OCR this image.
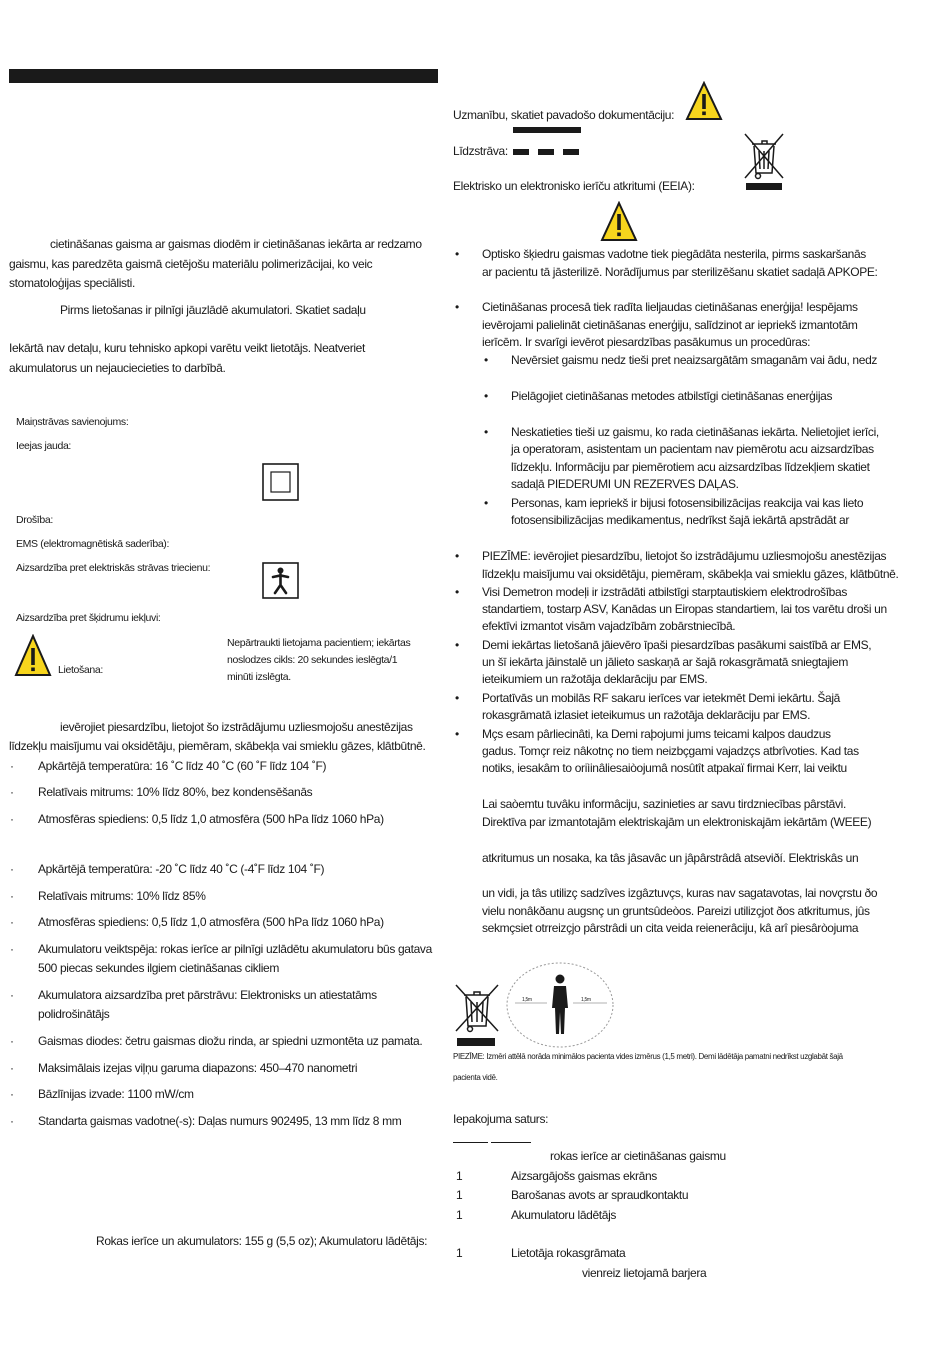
cietināšanas gaisma ar gaismas diodēm ir cietināšanas iekārta ar redzamo
gaismu, kas paredzēta gaismā cietējošu materiālu polimerizācijai, ko veic
stomatoloģijas speciālisti.
Pirms lietošanas ir pilnīgi jāuzlādē akumulatori. Skatiet sadaļu
Iekārtā nav detaļu, kuru tehnisko apkopi varētu veikt lietotājs. Neatveriet
akumulatorus un nejauciecieties to darbībā.
Maiņstrāvas savienojums:
Ieejas jauda:
Drošība:
EMS (elektromagnētiskā saderība):
Aizsardzība pret elektriskās strāvas triecienu:
Aizsardzība pret šķidrumu iekļuvi:
Lietošana:
Nepārtraukti lietojama pacientiem; iekārtas
noslodzes cikls: 20 sekundes ieslēgta/1
minūti izslēgta.
ievērojiet piesardzību, lietojot šo izstrādājumu uzliesmojošu anestēzijas
līdzekļu maisījumu vai oksidētāju, piemēram, skābekļa vai smieklu gāzes, klātbūtnē.
· Apkārtējā temperatūra: 16 ˚C līdz 40 ˚C (60 ˚F līdz 104 ˚F)
· Relatīvais mitrums: 10% līdz 80%, bez kondensēšanās
· Atmosfēras spiediens: 0,5 līdz 1,0 atmosfēra (500 hPa līdz 1060 hPa)
· Apkārtējā temperatūra: -20 ˚C līdz 40 ˚C (-4˚F līdz 104 ˚F)
· Relatīvais mitrums: 10% līdz 85%
· Atmosfēras spiediens: 0,5 līdz 1,0 atmosfēra (500 hPa līdz 1060 hPa)
· Akumulatoru veiktspēja: rokas ierīce ar pilnīgi uzlādētu akumulatoru būs gatava
500 piecas sekundes ilgiem cietināšanas cikliem
· Akumulatora aizsardzība pret pārstrāvu: Elektronisks un atiestatāms
polidrošinātājs
· Gaismas diodes: četru gaismas diožu rinda, ar spiedni uzmontēta uz pamata.
· Maksimālais izejas viļņu garuma diapazons: 450–470 nanometri
· Bāzlīnijas izvade: 1100 mW/cm
· Standarta gaismas vadotne(-s): Daļas numurs 902495, 13 mm līdz 8 mm
Rokas ierīce un akumulators: 155 g (5,5 oz); Akumulatoru lādētājs:
Uzmanību, skatiet pavadošo dokumentāciju:
Līdzstrāva:
Elektrisko un elektronisko ierīču atkritumi (EEIA):
• Optisko šķiedru gaismas vadotne tiek piegādāta nesterila, pirms saskaršanās
ar pacientu tā jāsterilizē. Norādījumus par sterilizēšanu skatiet sadaļā APKOPE:
• Cietināšanas procesā tiek radīta lieljaudas cietināšanas enerģija! Iespējams
ievērojami palielināt cietināšanas enerģiju, salīdzinot ar iepriekš izmantotām
ierīcēm. Ir svarīgi ievērot piesardzības pasākumus un procedūras:
• Nevērsiet gaismu nedz tieši pret neaizsargātām smaganām vai ādu, nedz
• Pielāgojiet cietināšanas metodes atbilstīgi cietināšanas enerģijas
• Neskatieties tieši uz gaismu, ko rada cietināšanas iekārta. Nelietojiet ierīci,
ja operatoram, asistentam un pacientam nav piemērotu acu aizsardzības
līdzekļu. Informāciju par piemērotiem acu aizsardzības līdzekļiem skatiet
sadaļā PIEDERUMI UN REZERVES DAĻAS.
• Personas, kam iepriekš ir bijusi fotosensibilizācijas reakcija vai kas lieto
fotosensibilizācijas medikamentus, nedrīkst šajā iekārtā apstrādāt ar
• PIEZĪME: ievērojiet piesardzību, lietojot šo izstrādājumu uzliesmojošu anestēzijas
līdzekļu maisījumu vai oksidētāju, piemēram, skābekļa vai smieklu gāzes, klātbūtnē.
• Visi Demetron modeļi ir izstrādāti atbilstīgi starptautiskiem elektrodrošības
standartiem, tostarp ASV, Kanādas un Eiropas standartiem, lai tos varētu droši un
efektīvi izmantot visām vajadzībām zobārstniecībā.
• Demi iekārtas lietošanā jāievēro īpaši piesardzības pasākumi saistībā ar EMS,
un šī iekārta jāinstalē un jālieto saskaņā ar šajā rokasgrāmatā sniegtajiem
ieteikumiem un ražotāja deklarāciju par EMS.
• Portatīvās un mobilās RF sakaru ierīces var ietekmēt Demi iekārtu. Šajā
rokasgrāmatā izlasiet ieteikumus un ražotāja deklarāciju par EMS.
• Mçs esam pârliecinâti, ka Demi raþojumi jums teicami kalpos daudzus
gadus. Tomçr reiz nâkotnç no tiem neizbçgami vajadzçs atbrîvoties. Kad tas
notiks, iesakâm to oriìinâliesaiòojumâ nosûtît atpakaï firmai Kerr, lai veiktu
Lai saòemtu tuvâku informâciju, sazinieties ar savu tirdzniecības pârstāvi.
Direktīva par izmantotajām elektriskajām un elektroniskajām iekārtām (WEEE)
atkritumus un nosaka, ka tâs jâsavâc un jâpârstrâdâ atseviðí. Elektriskâs un
un vidi, ja tâs utilizç sadzîves izgâztuvçs, kuras nav sagatavotas, lai novçrstu ðo
vielu nonâkðanu augsnç un gruntsûdeòos. Pareizi utilizçjot ðos atkritumus, jûs
sekmçsiet otrreizçjo pârstrâdi un cita veida reienerâciju, kâ arî piesâròojuma
1,5m	1,5m
PIEZĪME: Izmēri attēlā norāda minimālos pacienta vides izmērus (1,5 metri). Demi lādētāja pamatni nedrīkst uzglabāt šajā
pacienta vidē.
Iepakojuma saturs:
rokas ierīce ar cietināšanas gaismu
1	Aizsargājošs gaismas ekrāns
1	Barošanas avots ar spraudkontaktu
1	Akumulatoru lādētājs
1	Lietotāja rokasgrāmata
vienreiz lietojamā barjera
